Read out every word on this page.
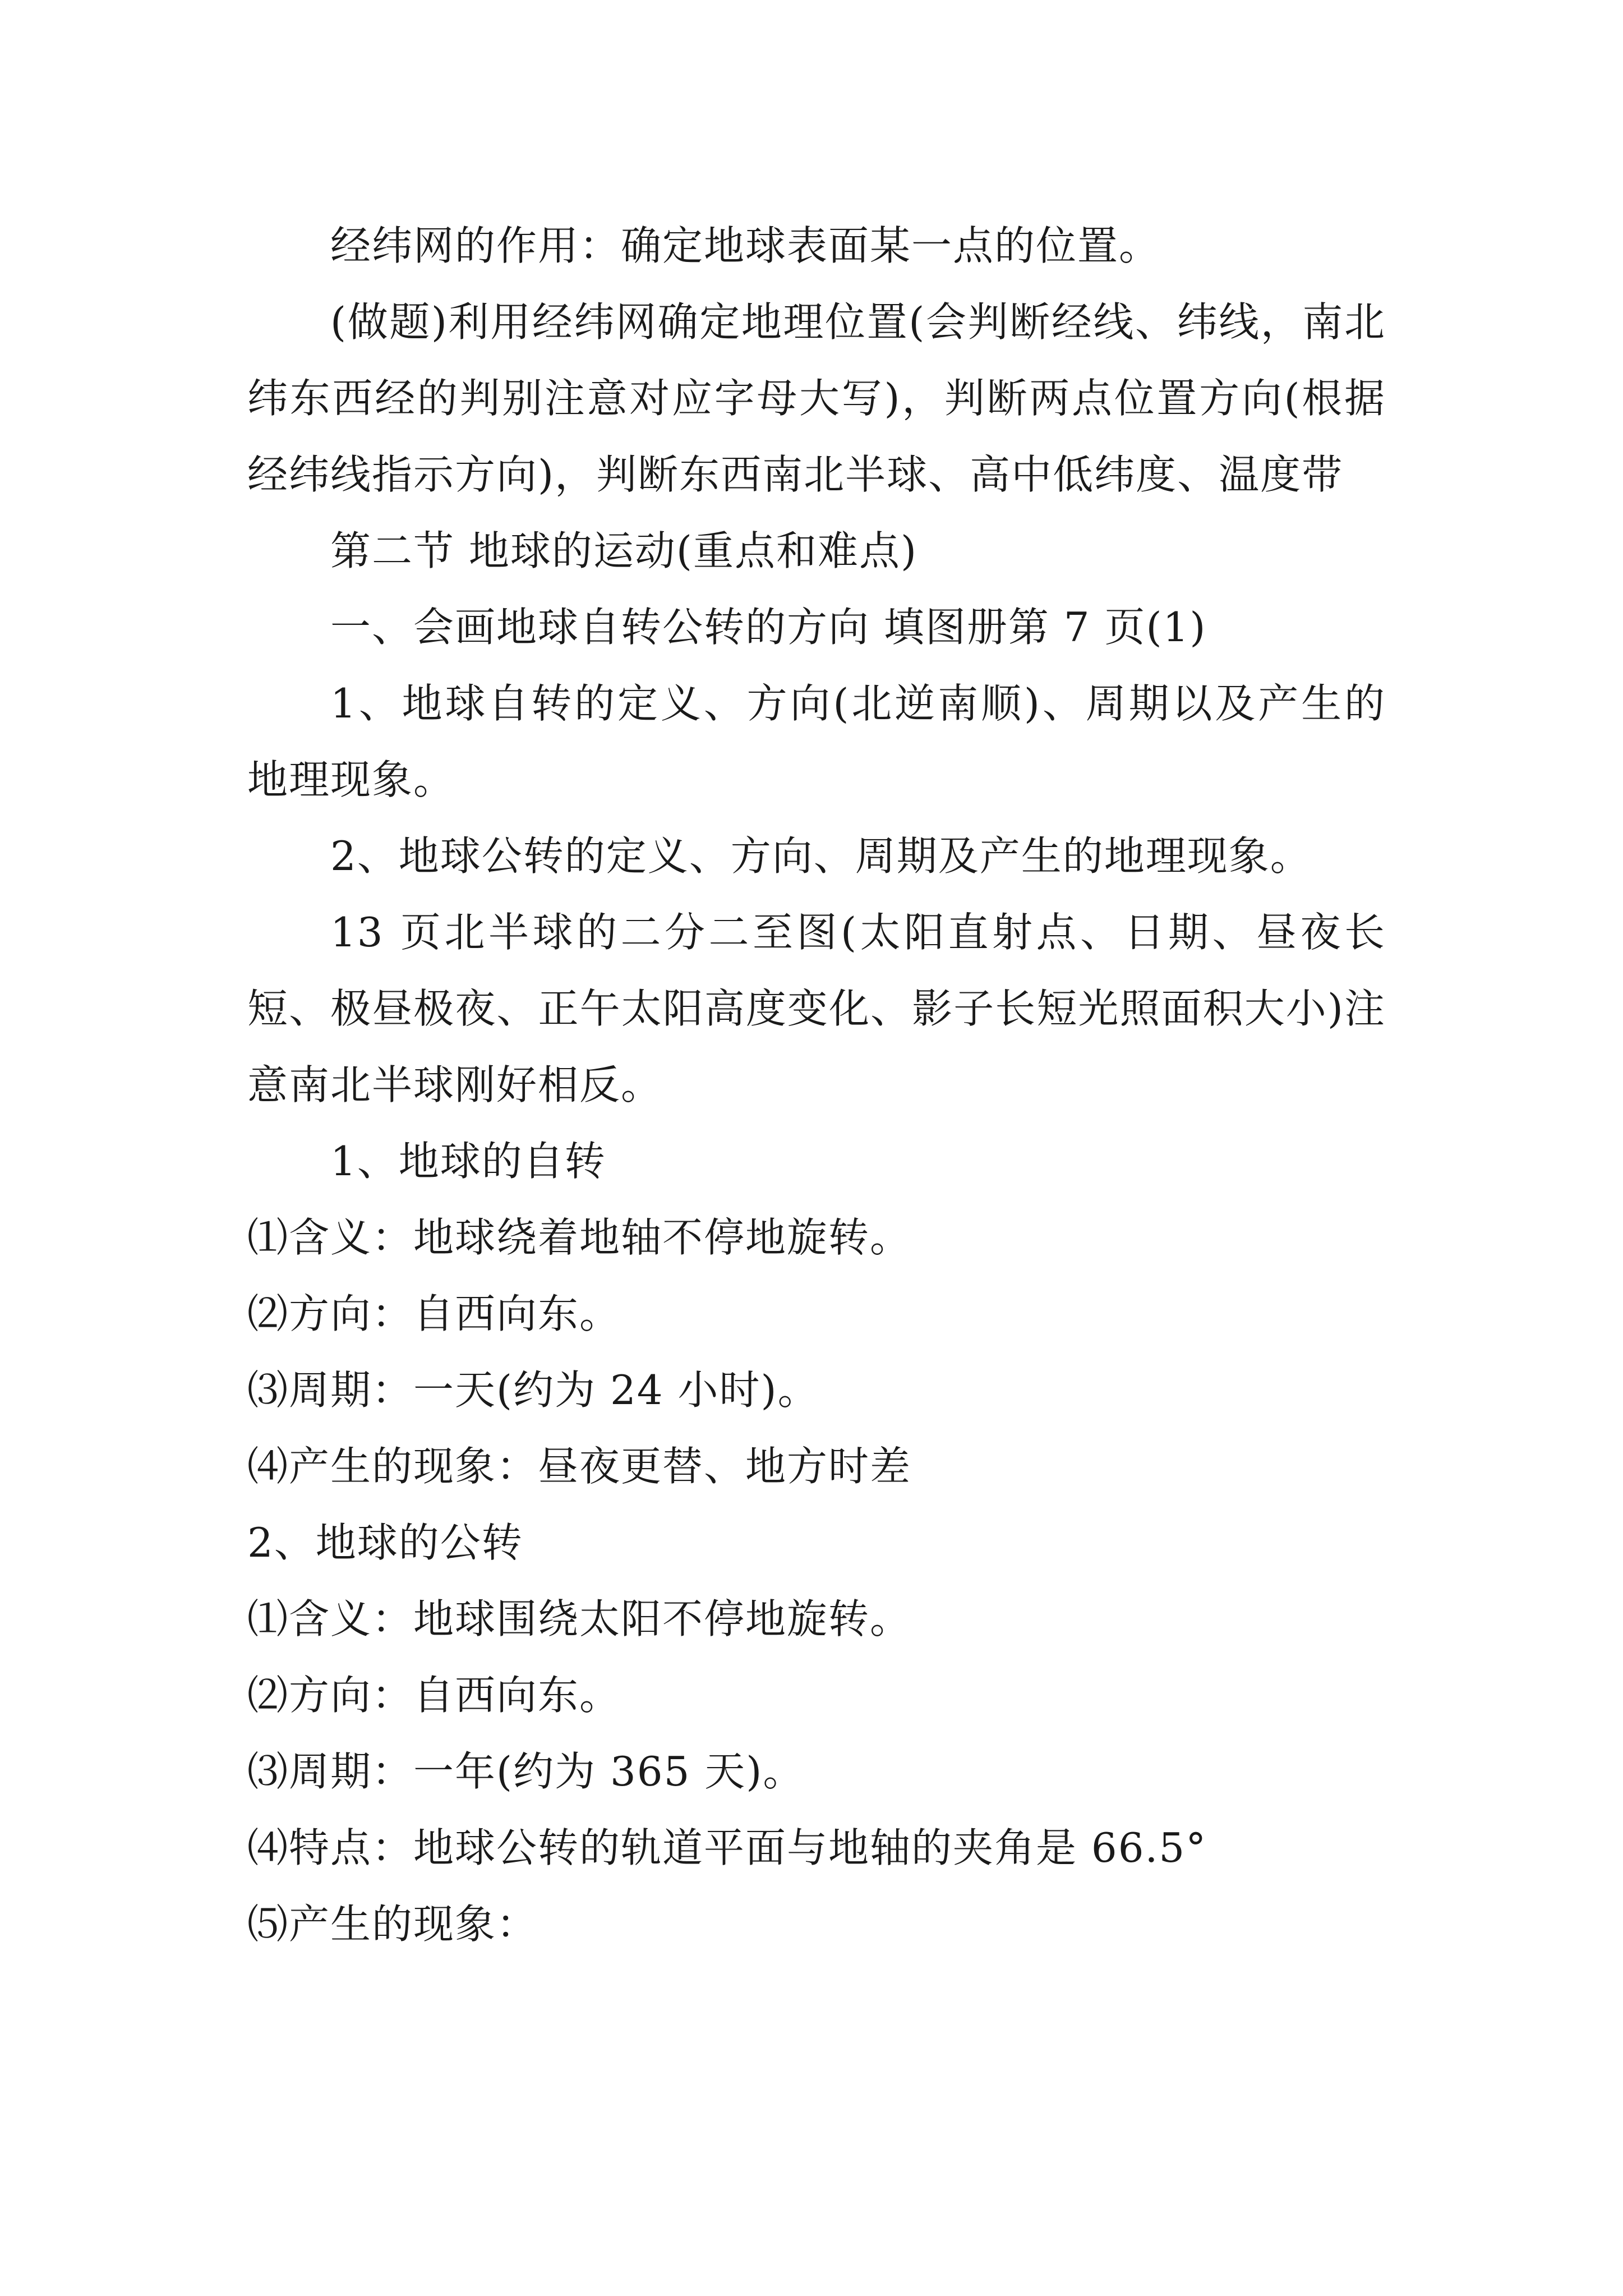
经纬网的作用：确定地球表面某一点的位置。

(做题)利用经纬网确定地理位置(会判断经线、纬线，南北纬东西经的判别注意对应字母大写)，判断两点位置方向(根据经纬线指示方向)，判断东西南北半球、高中低纬度、温度带

第二节 地球的运动(重点和难点)

一、会画地球自转公转的方向 填图册第 7 页(1)

1、地球自转的定义、方向(北逆南顺)、周期以及产生的地理现象。

2、地球公转的定义、方向、周期及产生的地理现象。

13 页北半球的二分二至图(太阳直射点、日期、昼夜长短、极昼极夜、正午太阳高度变化、影子长短光照面积大小)注意南北半球刚好相反。

1、地球的自转

⑴含义：地球绕着地轴不停地旋转。

⑵方向：自西向东。

⑶周期：一天(约为 24 小时)。

⑷产生的现象：昼夜更替、地方时差

2、地球的公转

⑴含义：地球围绕太阳不停地旋转。

⑵方向：自西向东。

⑶周期：一年(约为 365 天)。

⑷特点：地球公转的轨道平面与地轴的夹角是 66.5°

⑸产生的现象：
